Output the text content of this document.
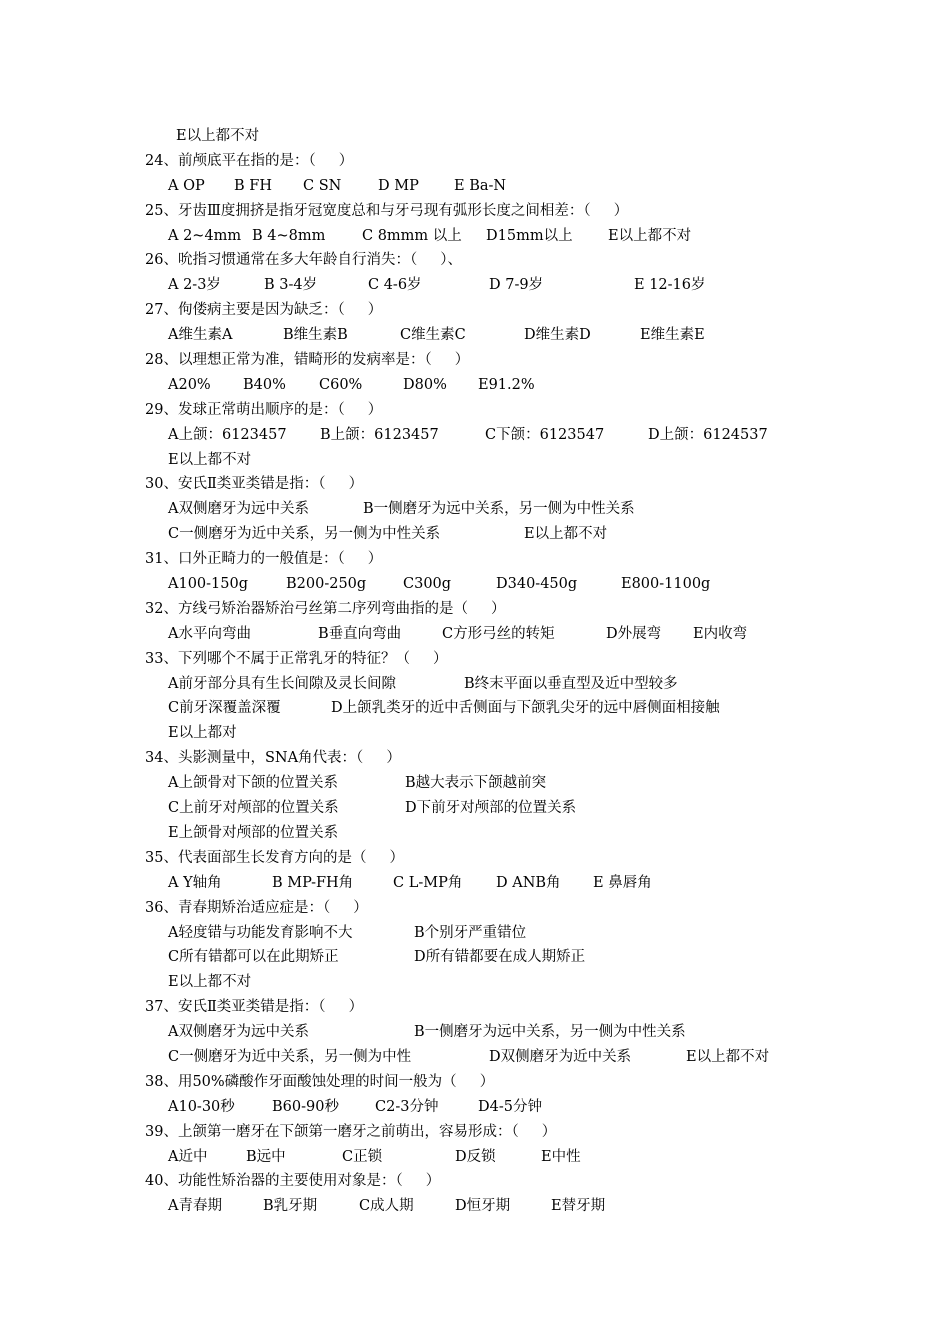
E以上都不对
24、前颅底平在指的是：（     ）
A OP B FH C SN	D MP E Ba-N
25、牙齿Ⅲ度拥挤是指牙冠宽度总和与牙弓现有弧形长度之间相差：（     ）
A 2~4mm B 4~8mm	C 8mmm 以上 D15mm以上 E以上都不对
26、吮指习惯通常在多大年龄自行消失：（     ）、
A 2-3岁	B 3-4岁	C 4-6岁	D 7-9岁	E 12-16岁
27、佝偻病主要是因为缺乏：（     ）
A维生素A	B维生素B	C维生素C	D维生素D	E维生素E
28、以理想正常为准，错畸形的发病率是：（     ）
A20% B40% C60%	D80% E91.2%
29、发球正常萌出顺序的是：（     ）
A上颌：6123457 B上颌：6123457	C下颌：6123547	D上颌：6124537
E以上都不对
30、安氏Ⅱ类亚类错是指：（     ）
A双侧磨牙为远中关系	B一侧磨牙为远中关系，另一侧为中性关系
C一侧磨牙为近中关系，另一侧为中性关系	E以上都不对
31、口外正畸力的一般值是：（     ）
A100-150g	B200-250g	C300g	D340-450g	E800-1100g
32、方线弓矫治器矫治弓丝第二序列弯曲指的是（     ）
A水平向弯曲	B垂直向弯曲	C方形弓丝的转矩	D外展弯 E内收弯
33、下列哪个不属于正常乳牙的特征？（     ）
A前牙部分具有生长间隙及灵长间隙	B终末平面以垂直型及近中型较多
C前牙深覆盖深覆	D上颌乳类牙的近中舌侧面与下颌乳尖牙的远中唇侧面相接触
E以上都对
34、头影测量中，SNA角代表：（     ）
A上颌骨对下颌的位置关系	B越大表示下颌越前突
C上前牙对颅部的位置关系	D下前牙对颅部的位置关系
E上颌骨对颅部的位置关系
35、代表面部生长发育方向的是（     ）
A Y轴角	B MP-FH角	C L-MP角 D ANB角 E 鼻唇角
36、青春期矫治适应症是：（     ）
A轻度错与功能发育影响不大	B个别牙严重错位
C所有错都可以在此期矫正	D所有错都要在成人期矫正
E以上都不对
37、安氏Ⅱ类亚类错是指：（     ）
A双侧磨牙为远中关系	B一侧磨牙为远中关系，另一侧为中性关系
C一侧磨牙为近中关系，另一侧为中性	D双侧磨牙为近中关系	E以上都不对
38、用50%磷酸作牙面酸蚀处理的时间一般为（     ）
A10-30秒	B60-90秒 C2-3分钟	D4-5分钟
39、上颌第一磨牙在下颌第一磨牙之前萌出，容易形成：（     ）
A近中	B远中	C正锁	D反锁	E中性
40、功能性矫治器的主要使用对象是：（     ）
A青春期	B乳牙期	C成人期	D恒牙期	E替牙期
